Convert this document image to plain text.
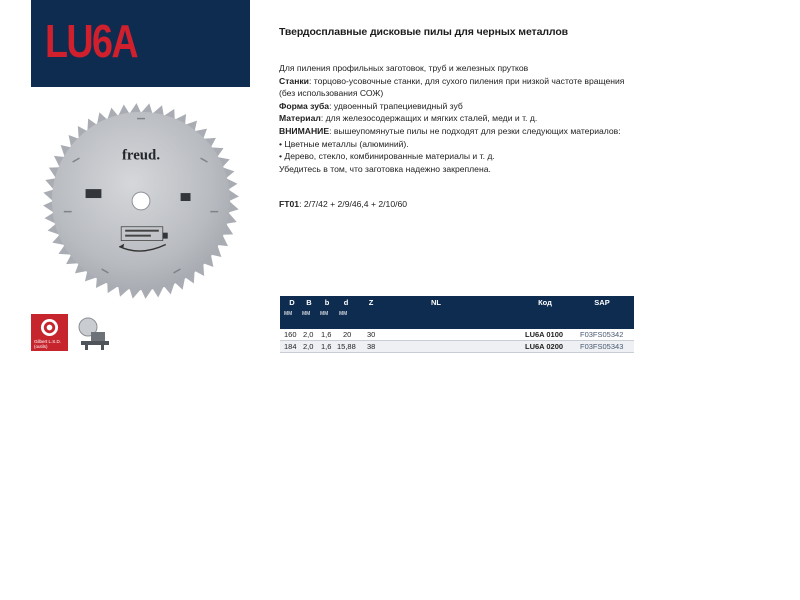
LU6A
freud.
Gilbert L.S.D. (outils)
Твердосплавные дисковые пилы для черных металлов

Для пиления профильных заготовок, труб и железных прутков

Станки: торцово-усовочные станки, для сухого пиления при низкой частоте вращения (без использования СОЖ)

Форма зуба: удвоенный трапециевидный зуб

Материал: для железосодержащих и мягких сталей, меди и т. д.

ВНИМАНИЕ: вышеупомянутые пилы не подходят для резки следующих материалов:

• Цветные металлы (алюминий).

• Дерево, стекло, комбинированные материалы и т. д.

Убедитесь в том, что заготовка надежно закреплена.

FT01: 2/7/42 + 2/9/46,4 + 2/10/60
D	B	b	d	Z	NL	Код	SAP
MM MM MM MM
160 2,0 1,6 20 30	LU6A 0100 F03FS05342
184 2,0 1,6 15,88 38	LU6A 0200 F03FS05343
